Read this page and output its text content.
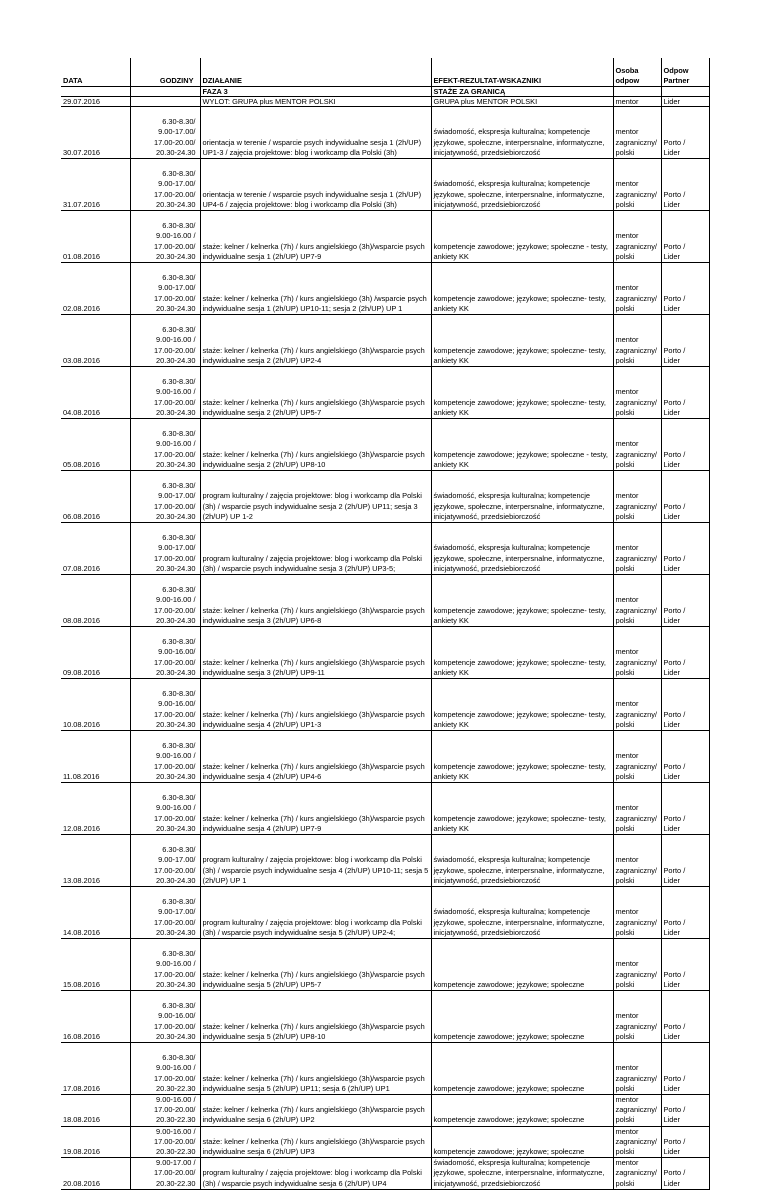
DATA	GODZINY	DZIAŁANIE	EFEKT-REZULTAT-WSKAZNIKI	Osoba
odpow	Odpow
Partner

		FAZA 3	STAŻE ZA GRANICĄ		
29.07.2016		WYLOT: GRUPA plus MENTOR POLSKI	GRUPA plus MENTOR POLSKI	mentor	Lider
30.07.2016	6.30-8.30/
9.00-17.00/
17.00-20.00/
20.30-24.30	orientacja w terenie / wsparcie psych indywidualne sesja 1 (2h/UP) UP1-3 / zajęcia projektowe: blog i workcamp dla Polski (3h)	świadomość, ekspresja kulturalna; kompetencje językowe, społeczne, interpersnalne, informatyczne, inicjatywność, przedsiebiorczość	mentor
zagraniczny/
polski	Porto /
Lider

31.07.2016	6.30-8.30/
9.00-17.00/
17.00-20.00/
20.30-24.30	orientacja w terenie / wsparcie psych indywidualne sesja 1 (2h/UP) UP4-6 / zajęcia projektowe: blog i workcamp dla Polski (3h)	świadomość, ekspresja kulturalna; kompetencje językowe, społeczne, interpersnalne, informatyczne, inicjatywność, przedsiebiorczość	mentor
zagraniczny/
polski	Porto /
Lider

01.08.2016	6.30-8.30/
9.00-16.00 /
17.00-20.00/
20.30-24.30	staże: kelner / kelnerka (7h) / kurs angielskiego (3h)/wsparcie psych indywidualne sesja 1 (2h/UP) UP7-9	kompetencje zawodowe; językowe; społeczne - testy, ankiety KK	mentor
zagraniczny/
polski	Porto /
Lider

02.08.2016	6.30-8.30/
9.00-17.00/
17.00-20.00/
20.30-24.30	staże: kelner / kelnerka (7h) / kurs angielskiego (3h) /wsparcie psych indywidualne sesja 1 (2h/UP) UP10-11; sesja 2 (2h/UP) UP 1	kompetencje zawodowe; językowe; społeczne- testy, ankiety KK	mentor
zagraniczny/
polski	Porto /
Lider

03.08.2016	6.30-8.30/
9.00-16.00 /
17.00-20.00/
20.30-24.30	staże: kelner / kelnerka (7h) / kurs angielskiego (3h)/wsparcie psych indywidualne sesja 2 (2h/UP) UP2-4	kompetencje zawodowe; językowe; społeczne- testy, ankiety KK	mentor
zagraniczny/
polski	Porto /
Lider

04.08.2016	6.30-8.30/
9.00-16.00 /
17.00-20.00/
20.30-24.30	staże: kelner / kelnerka (7h) / kurs angielskiego (3h)/wsparcie psych indywidualne sesja 2 (2h/UP) UP5-7	kompetencje zawodowe; językowe; społeczne- testy, ankiety KK	mentor
zagraniczny/
polski	Porto /
Lider

05.08.2016	6.30-8.30/
9.00-16.00 /
17.00-20.00/
20.30-24.30	staże: kelner / kelnerka (7h) / kurs angielskiego (3h)/wsparcie psych indywidualne sesja 2 (2h/UP) UP8-10	kompetencje zawodowe; językowe; społeczne - testy, ankiety KK	mentor
zagraniczny/
polski	Porto /
Lider

06.08.2016	6.30-8.30/
9.00-17.00/
17.00-20.00/
20.30-24.30	program kulturalny / zajęcia projektowe: blog i workcamp dla Polski (3h) / wsparcie psych indywidualne sesja 2 (2h/UP) UP11; sesja 3 (2h/UP) UP 1-2	świadomość, ekspresja kulturalna; kompetencje językowe, społeczne, interpersnalne, informatyczne, inicjatywność, przedsiebiorczość	mentor
zagraniczny/
polski	Porto /
Lider

07.08.2016	6.30-8.30/
9.00-17.00/
17.00-20.00/
20.30-24.30	program kulturalny / zajęcia projektowe: blog i workcamp dla Polski (3h) / wsparcie psych indywidualne sesja 3 (2h/UP) UP3-5;	świadomość, ekspresja kulturalna; kompetencje językowe, społeczne, interpersnalne, informatyczne, inicjatywność, przedsiebiorczość	mentor
zagraniczny/
polski	Porto /
Lider

08.08.2016	6.30-8.30/
9.00-16.00 /
17.00-20.00/
20.30-24.30	staże: kelner / kelnerka (7h) / kurs angielskiego (3h)/wsparcie psych indywidualne sesja 3 (2h/UP) UP6-8	kompetencje zawodowe; językowe; społeczne- testy, ankiety KK	mentor
zagraniczny/
polski	Porto /
Lider

09.08.2016	6.30-8.30/
9.00-16.00/
17.00-20.00/
20.30-24.30	staże: kelner / kelnerka (7h) / kurs angielskiego (3h)/wsparcie psych indywidualne sesja 3 (2h/UP) UP9-11	kompetencje zawodowe; językowe; społeczne- testy, ankiety KK	mentor
zagraniczny/
polski	Porto /
Lider

10.08.2016	6.30-8.30/
9.00-16.00/
17.00-20.00/
20.30-24.30	staże: kelner / kelnerka (7h) / kurs angielskiego (3h)/wsparcie psych indywidualne sesja 4 (2h/UP) UP1-3	kompetencje zawodowe; językowe; społeczne- testy, ankiety KK	mentor
zagraniczny/
polski	Porto /
Lider

11.08.2016	6.30-8.30/
9.00-16.00 /
17.00-20.00/
20.30-24.30	staże: kelner / kelnerka (7h) / kurs angielskiego (3h)/wsparcie psych indywidualne sesja 4 (2h/UP) UP4-6	kompetencje zawodowe; językowe; społeczne- testy, ankiety KK	mentor
zagraniczny/
polski	Porto /
Lider

12.08.2016	6.30-8.30/
9.00-16.00 /
17.00-20.00/
20.30-24.30	staże: kelner / kelnerka (7h) / kurs angielskiego (3h)/wsparcie psych indywidualne sesja 4 (2h/UP) UP7-9	kompetencje zawodowe; językowe; społeczne- testy, ankiety KK	mentor
zagraniczny/
polski	Porto /
Lider

13.08.2016	6.30-8.30/
9.00-17.00/
17.00-20.00/
20.30-24.30	program kulturalny / zajęcia projektowe: blog i workcamp dla Polski (3h) / wsparcie psych indywidualne sesja 4 (2h/UP) UP10-11; sesja 5 (2h/UP) UP 1	świadomość, ekspresja kulturalna; kompetencje językowe, społeczne, interpersnalne, informatyczne, inicjatywność, przedsiebiorczość	mentor
zagraniczny/
polski	Porto /
Lider

14.08.2016	6.30-8.30/
9.00-17.00/
17.00-20.00/
20.30-24.30	program kulturalny / zajęcia projektowe: blog i workcamp dla Polski (3h) / wsparcie psych indywidualne sesja 5 (2h/UP) UP2-4;	świadomość, ekspresja kulturalna; kompetencje językowe, społeczne, interpersnalne, informatyczne, inicjatywność, przedsiebiorczość	mentor
zagraniczny/
polski	Porto /
Lider

15.08.2016	6.30-8.30/
9.00-16.00 /
17.00-20.00/
20.30-24.30	staże: kelner / kelnerka (7h) / kurs angielskiego (3h)/wsparcie psych indywidualne sesja 5 (2h/UP) UP5-7	kompetencje zawodowe; językowe; społeczne	mentor
zagraniczny/
polski	Porto /
Lider

16.08.2016	6.30-8.30/
9.00-16.00/
17.00-20.00/
20.30-24.30	staże: kelner / kelnerka (7h) / kurs angielskiego (3h)/wsparcie psych indywidualne sesja 5 (2h/UP) UP8-10	kompetencje zawodowe; językowe; społeczne	mentor
zagraniczny/
polski	Porto /
Lider

17.08.2016	6.30-8.30/
9.00-16.00 /
17.00-20.00/
20.30-22.30	staże: kelner / kelnerka (7h) / kurs angielskiego (3h)/wsparcie psych indywidualne sesja 5 (2h/UP) UP11; sesja 6 (2h/UP) UP1	kompetencje zawodowe; językowe; społeczne	mentor
zagraniczny/
polski	Porto /
Lider

18.08.2016	9.00-16.00 /
17.00-20.00/
20.30-22.30	staże: kelner / kelnerka (7h) / kurs angielskiego (3h)/wsparcie psych indywidualne sesja 6 (2h/UP) UP2	kompetencje zawodowe; językowe; społeczne	mentor
zagraniczny/
polski	Porto /
Lider

19.08.2016	9.00-16.00 /
17.00-20.00/
20.30-22.30	staże: kelner / kelnerka (7h) / kurs angielskiego (3h)/wsparcie psych indywidualne sesja 6 (2h/UP) UP3	kompetencje zawodowe; językowe; społeczne	mentor
zagraniczny/
polski	Porto /
Lider

20.08.2016	9.00-17.00 /
17.00-20.00/
20.30-22.30	program kulturalny / zajęcia projektowe: blog i workcamp dla Polski (3h) / wsparcie psych indywidualne sesja 6 (2h/UP) UP4	świadomość, ekspresja kulturalna; kompetencje językowe, społeczne, interpersnalne, informatyczne, inicjatywność, przedsiebiorczość	mentor
zagraniczny/
polski	Porto /
Lider
